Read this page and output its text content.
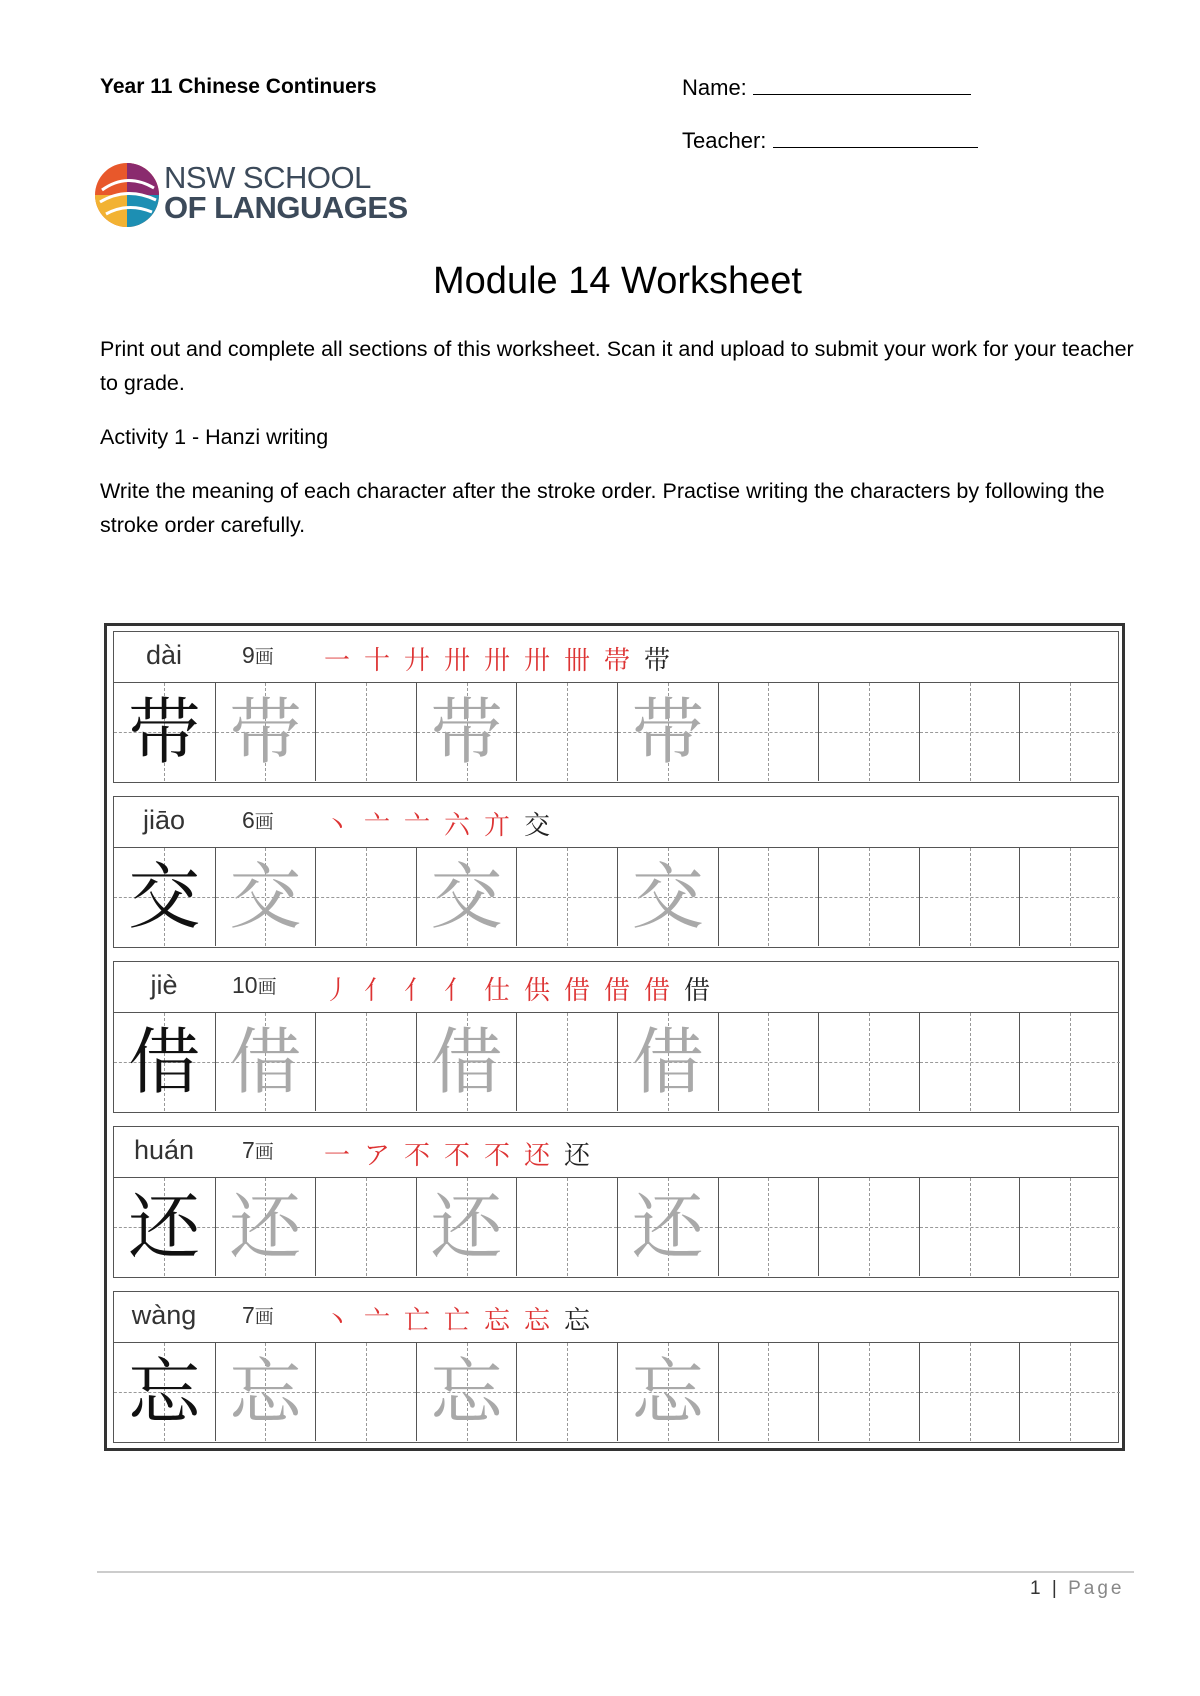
Year 11 Chinese Continuers	Name:
Teacher:
NSW SCHOOL
OF LANGUAGES
Module 14 Worksheet
Print out and complete all sections of this worksheet. Scan it and upload to submit your work for your teacher to grade.
Activity 1 - Hanzi writing
Write the meaning of each character after the stroke order. Practise writing the characters by following the stroke order carefully.
dài	9画 一 十 廾 卅 卅 卅 卌 帯 带
带 带 带 带
jiāo	6画 丶 亠 亠 六 亣 交
交 交 交 交
jiè	10画 丿 亻 亻 亻 仕 供 借 借 借 借
借 借 借 借
huán	7画 一 ア 不 不 不 还 还
还 还 还 还
wàng	7画 丶 亠 亡 亡 忘 忘 忘
忘 忘 忘 忘
1 | Page
